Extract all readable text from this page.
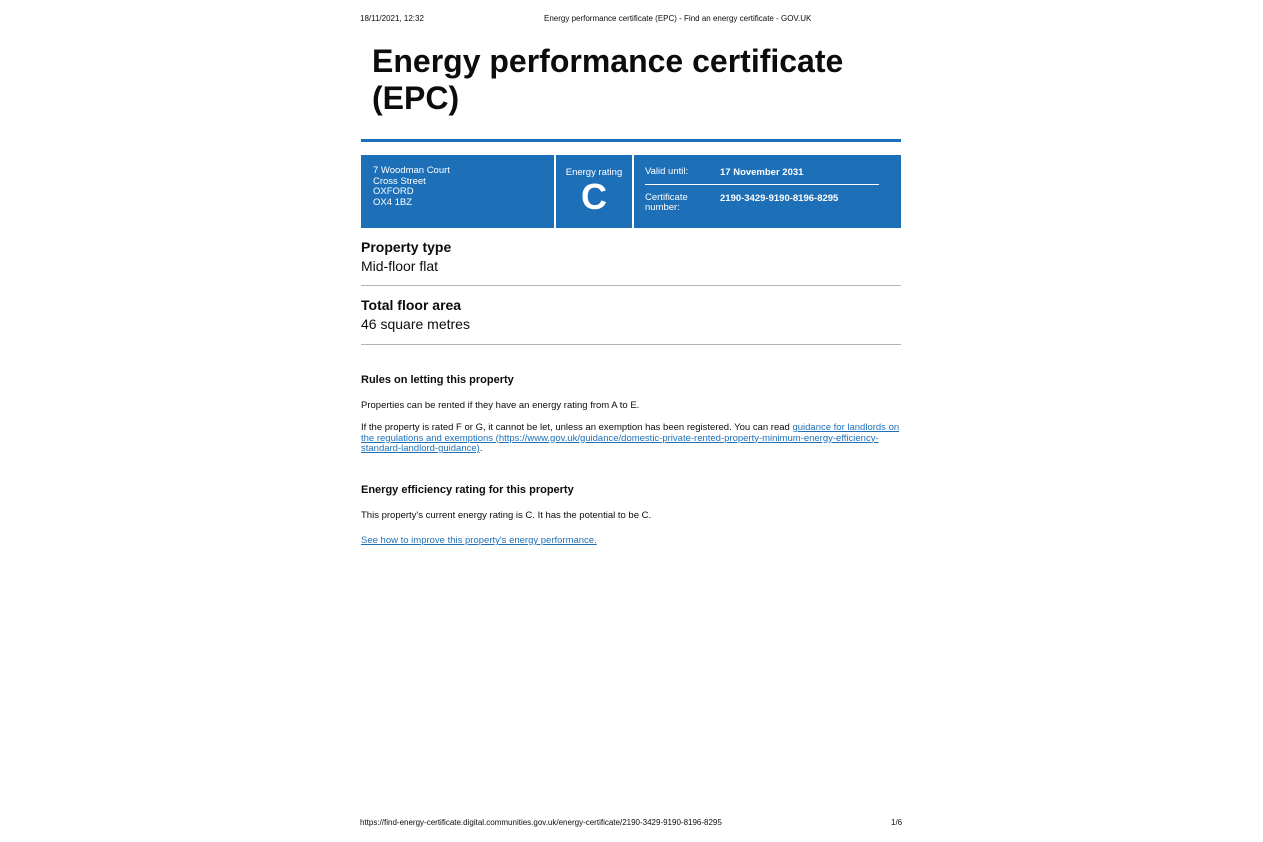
18/11/2021, 12:32	Energy performance certificate (EPC) - Find an energy certificate - GOV.UK
Energy performance certificate (EPC)
7 Woodman Court
Cross Street
OXFORD
OX4 1BZ
Energy rating
C
Valid until:	17 November 2031
Certificate number:
2190-3429-9190-8196-8295
Property type
Mid-floor flat
Total floor area
46 square metres
Rules on letting this property
Properties can be rented if they have an energy rating from A to E.
If the property is rated F or G, it cannot be let, unless an exemption has been registered. You can read guidance for landlords on the regulations and exemptions (https://www.gov.uk/guidance/domestic-private-rented-property-minimum-energy-efficiency-standard-landlord-guidance).
Energy efficiency rating for this property
This property's current energy rating is C. It has the potential to be C.
See how to improve this property's energy performance.
https://find-energy-certificate.digital.communities.gov.uk/energy-certificate/2190-3429-9190-8196-8295	1/6
